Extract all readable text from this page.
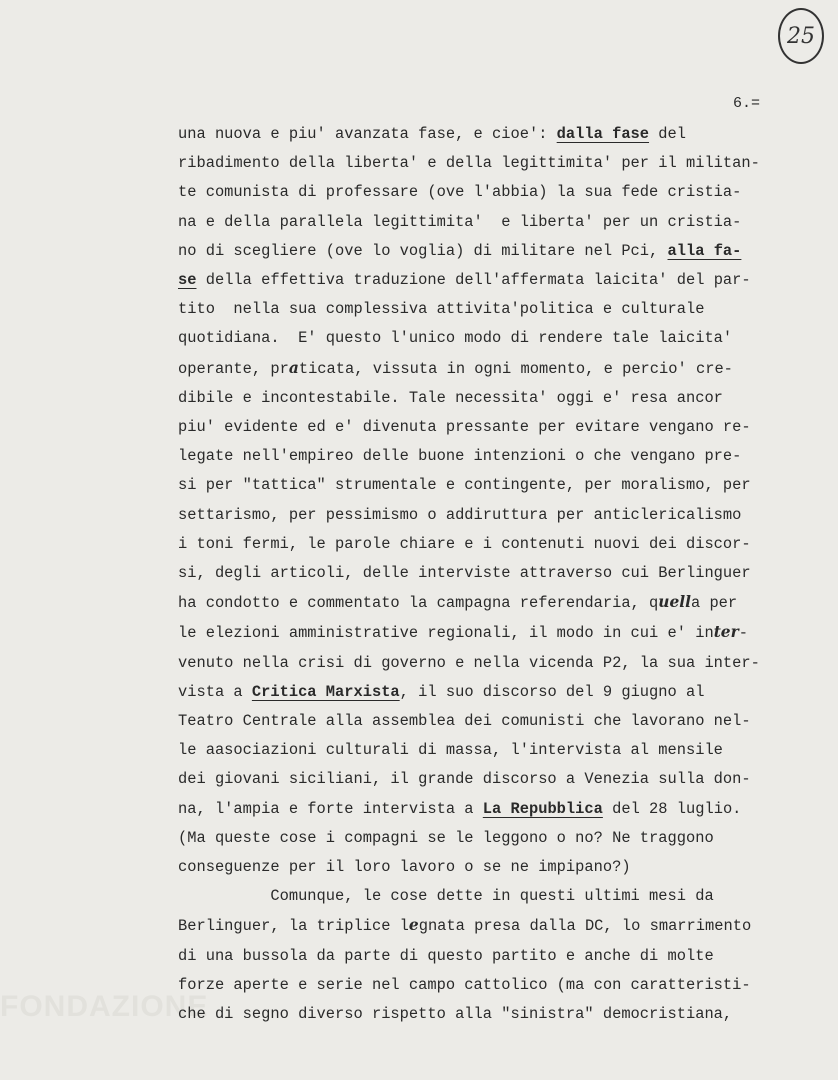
FONDAZIONE
25
6.=
una nuova e piu' avanzata fase, e cioe': dalla fase del
ribadimento della liberta' e della legittimita' per il militan-
te comunista di professare (ove l'abbia) la sua fede cristia-
na e della parallela legittimita'  e liberta' per un cristia-
no di scegliere (ove lo voglia) di militare nel Pci, alla fa-
se della effettiva traduzione dell'affermata laicita' del par-
tito  nella sua complessiva attivita'politica e culturale
quotidiana.  E' questo l'unico modo di rendere tale laicita'
operante, praticata, vissuta in ogni momento, e percio' cre-
dibile e incontestabile. Tale necessita' oggi e' resa ancor
piu' evidente ed e' divenuta pressante per evitare vengano re-
legate nell'empireo delle buone intenzioni o che vengano pre-
si per "tattica" strumentale e contingente, per moralismo, per
settarismo, per pessimismo o addiruttura per anticlericalismo
i toni fermi, le parole chiare e i contenuti nuovi dei discor-
si, degli articoli, delle interviste attraverso cui Berlinguer
ha condotto e commentato la campagna referendaria, quella per
le elezioni amministrative regionali, il modo in cui e' inter-
venuto nella crisi di governo e nella vicenda P2, la sua inter-
vista a Critica Marxista, il suo discorso del 9 giugno al
Teatro Centrale alla assemblea dei comunisti che lavorano nel-
le aasociazioni culturali di massa, l'intervista al mensile
dei giovani siciliani, il grande discorso a Venezia sulla don-
na, l'ampia e forte intervista a La Repubblica del 28 luglio.
(Ma queste cose i compagni se le leggono o no? Ne traggono
conseguenze per il loro lavoro o se ne impipano?)
Comunque, le cose dette in questi ultimi mesi da
Berlinguer, la triplice legnata presa dalla DC, lo smarrimento
di una bussola da parte di questo partito e anche di molte
forze aperte e serie nel campo cattolico (ma con caratteristi-
che di segno diverso rispetto alla "sinistra" democristiana,
